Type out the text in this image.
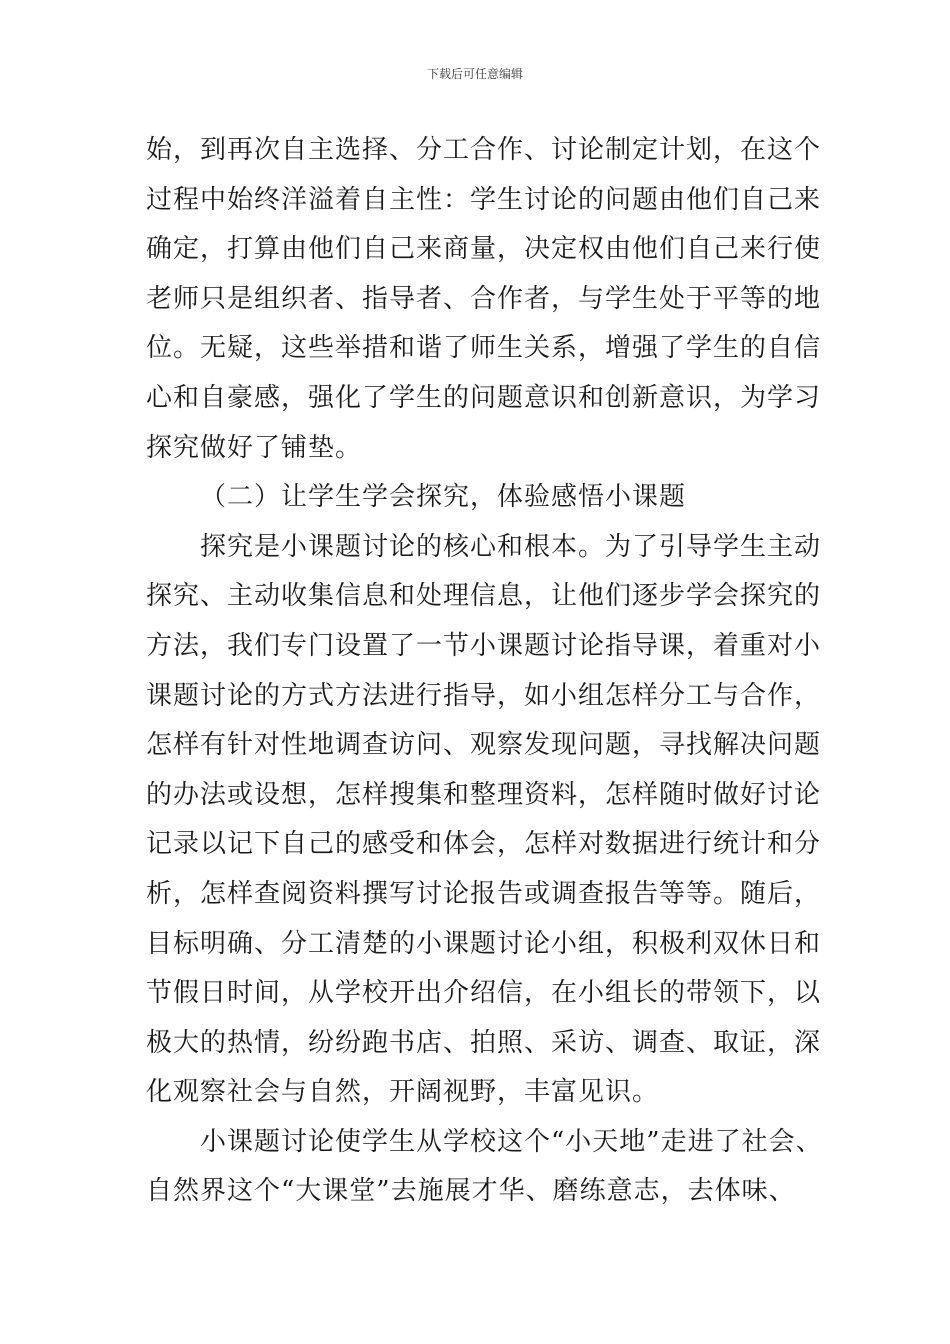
下载后可任意编辑
始，到再次自主选择、分工合作、讨论制定计划，在这个
过程中始终洋溢着自主性：学生讨论的问题由他们自己来
确定，打算由他们自己来商量，决定权由他们自己来行使
老师只是组织者、指导者、合作者，与学生处于平等的地
位。无疑，这些举措和谐了师生关系，增强了学生的自信
心和自豪感，强化了学生的问题意识和创新意识，为学习
探究做好了铺垫。
（二）让学生学会探究，体验感悟小课题
探究是小课题讨论的核心和根本。为了引导学生主动
探究、主动收集信息和处理信息，让他们逐步学会探究的
方法，我们专门设置了一节小课题讨论指导课，着重对小
课题讨论的方式方法进行指导，如小组怎样分工与合作，
怎样有针对性地调查访问、观察发现问题，寻找解决问题
的办法或设想，怎样搜集和整理资料，怎样随时做好讨论
记录以记下自己的感受和体会，怎样对数据进行统计和分
析，怎样查阅资料撰写讨论报告或调查报告等等。随后，
目标明确、分工清楚的小课题讨论小组，积极利双休日和
节假日时间，从学校开出介绍信，在小组长的带领下，以
极大的热情，纷纷跑书店、拍照、采访、调查、取证，深
化观察社会与自然，开阔视野，丰富见识。
小课题讨论使学生从学校这个“小天地”走进了社会、
自然界这个“大课堂”去施展才华、磨练意志，去体味、
